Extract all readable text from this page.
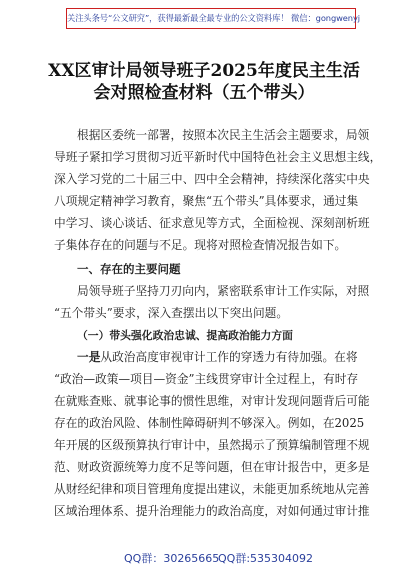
关注头条号“公文研究”，获得最新最全最专业的公文资料库！ 微信：gongwenyj
XX区审计局领导班子2025年度民主生活
会对照检查材料（五个带头）
根据区委统一部署，按照本次民主生活会主题要求，局领
导班子紧扣学习贯彻习近平新时代中国特色社会主义思想主线，
深入学习党的二十届三中、四中全会精神，持续深化落实中央
八项规定精神学习教育，聚焦“五个带头”具体要求，通过集
中学习、谈心谈话、征求意见等方式，全面检视、深刻剖析班
子集体存在的问题与不足。现将对照检查情况报告如下。
一、存在的主要问题
局领导班子坚持刀刃向内，紧密联系审计工作实际，对照
“五个带头”要求，深入查摆出以下突出问题。
（一）带头强化政治忠诚、提高政治能力方面
一是从政治高度审视审计工作的穿透力有待加强。在将
“政治—政策—项目—资金”主线贯穿审计全过程上，有时存
在就账查账、就事论事的惯性思维，对审计发现问题背后可能
存在的政治风险、体制性障碍研判不够深入。例如，在2025
年开展的区级预算执行审计中，虽然揭示了预算编制管理不规
范、财政资源统筹力度不足等问题，但在审计报告中，更多是
从财经纪律和项目管理角度提出建议，未能更加系统地从完善
区域治理体系、提升治理能力的政治高度，对如何通过审计推
QQ群：30265665
QQ群:535304092
